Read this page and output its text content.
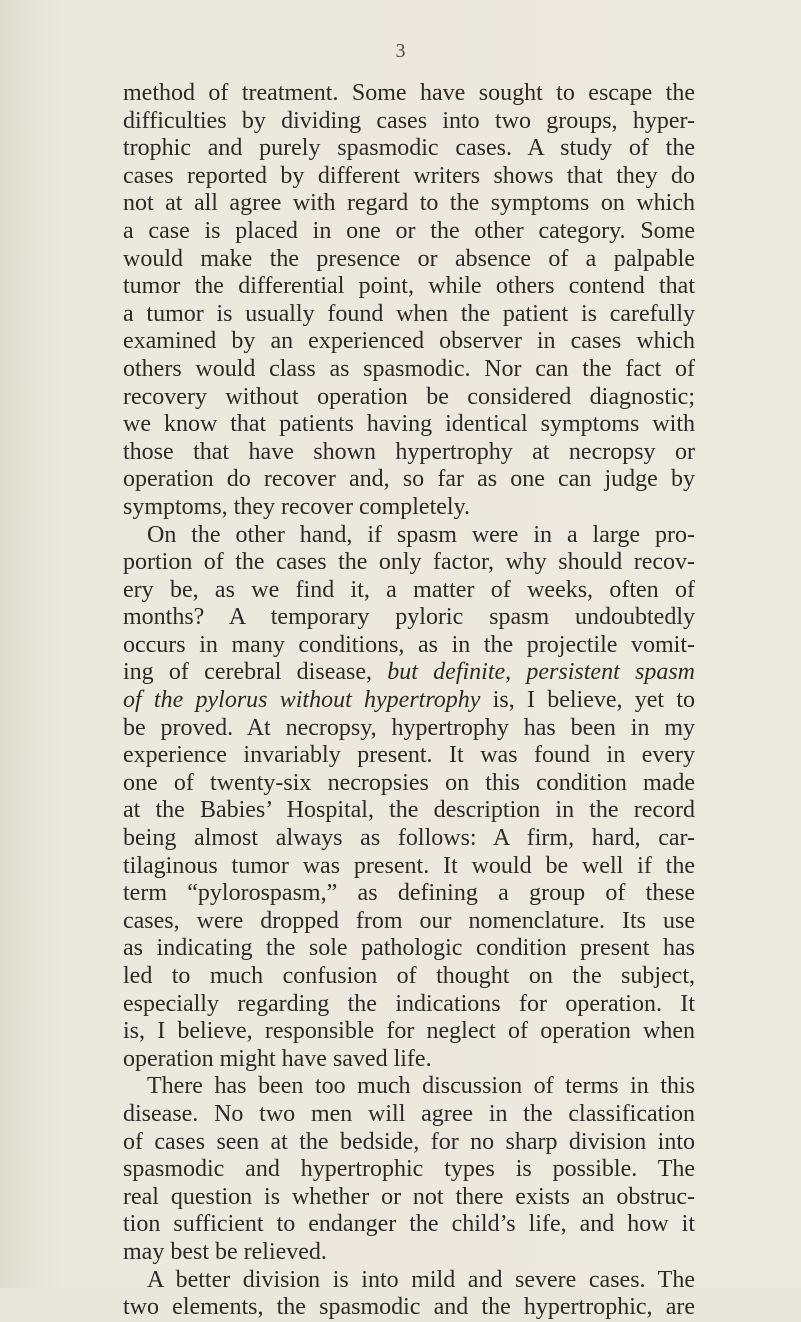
3
method of treatment. Some have sought to escape the
difficulties by dividing cases into two groups, hyper-
trophic and purely spasmodic cases. A study of the
cases reported by different writers shows that they do
not at all agree with regard to the symptoms on which
a case is placed in one or the other category. Some
would make the presence or absence of a palpable
tumor the differential point, while others contend that
a tumor is usually found when the patient is carefully
examined by an experienced observer in cases which
others would class as spasmodic. Nor can the fact of
recovery without operation be considered diagnostic;
we know that patients having identical symptoms with
those that have shown hypertrophy at necropsy or
operation do recover and, so far as one can judge by
symptoms, they recover completely.
On the other hand, if spasm were in a large pro-
portion of the cases the only factor, why should recov-
ery be, as we find it, a matter of weeks, often of
months? A temporary pyloric spasm undoubtedly
occurs in many conditions, as in the projectile vomit-
ing of cerebral disease, but definite, persistent spasm
of the pylorus without hypertrophy is, I believe, yet to
be proved. At necropsy, hypertrophy has been in my
experience invariably present. It was found in every
one of twenty-six necropsies on this condition made
at the Babies’ Hospital, the description in the record
being almost always as follows: A firm, hard, car-
tilaginous tumor was present. It would be well if the
term “pylorospasm,” as defining a group of these
cases, were dropped from our nomenclature. Its use
as indicating the sole pathologic condition present has
led to much confusion of thought on the subject,
especially regarding the indications for operation. It
is, I believe, responsible for neglect of operation when
operation might have saved life.
There has been too much discussion of terms in this
disease. No two men will agree in the classification
of cases seen at the bedside, for no sharp division into
spasmodic and hypertrophic types is possible. The
real question is whether or not there exists an obstruc-
tion sufficient to endanger the child’s life, and how it
may best be relieved.
A better division is into mild and severe cases. The
two elements, the spasmodic and the hypertrophic, are
